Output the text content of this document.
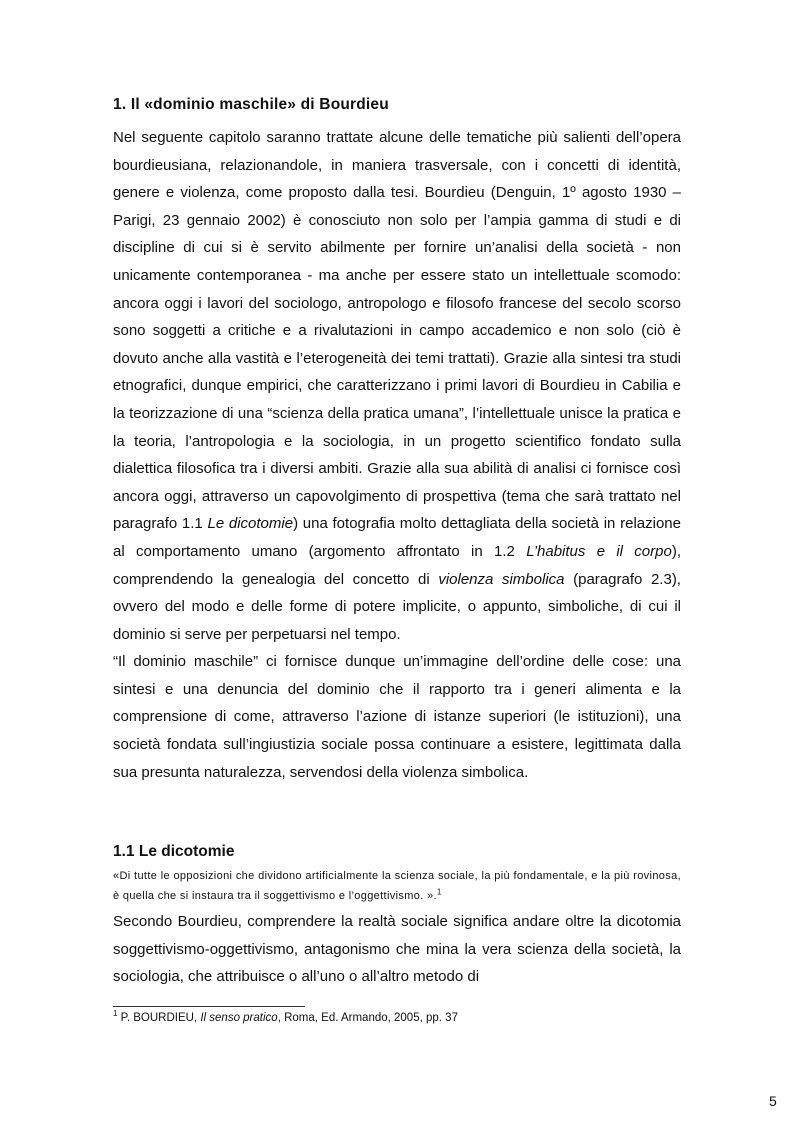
1. Il «dominio maschile» di Bourdieu

Nel seguente capitolo saranno trattate alcune delle tematiche più salienti dell’opera bourdieusiana, relazionandole, in maniera trasversale, con i concetti di identità, genere e violenza, come proposto dalla tesi. Bourdieu (Denguin, 1º agosto 1930 – Parigi, 23 gennaio 2002) è conosciuto non solo per l’ampia gamma di studi e di discipline di cui si è servito abilmente per fornire un’analisi della società - non unicamente contemporanea - ma anche per essere stato un intellettuale scomodo: ancora oggi i lavori del sociologo, antropologo e filosofo francese del secolo scorso sono soggetti a critiche e a rivalutazioni in campo accademico e non solo (ciò è dovuto anche alla vastità e l’eterogeneità dei temi trattati). Grazie alla sintesi tra studi etnografici, dunque empirici, che caratterizzano i primi lavori di Bourdieu in Cabilia e la teorizzazione di una “scienza della pratica umana”, l’intellettuale unisce la pratica e la teoria, l’antropologia e la sociologia, in un progetto scientifico fondato sulla dialettica filosofica tra i diversi ambiti. Grazie alla sua abilità di analisi ci fornisce così ancora oggi, attraverso un capovolgimento di prospettiva (tema che sarà trattato nel paragrafo 1.1 Le dicotomie) una fotografia molto dettagliata della società in relazione al comportamento umano (argomento affrontato in 1.2 L’habitus e il corpo), comprendendo la genealogia del concetto di violenza simbolica (paragrafo 2.3), ovvero del modo e delle forme di potere implicite, o appunto, simboliche, di cui il dominio si serve per perpetuarsi nel tempo.
“Il dominio maschile” ci fornisce dunque un’immagine dell’ordine delle cose: una sintesi e una denuncia del dominio che il rapporto tra i generi alimenta e la comprensione di come, attraverso l’azione di istanze superiori (le istituzioni), una società fondata sull’ingiustizia sociale possa continuare a esistere, legittimata dalla sua presunta naturalezza, servendosi della violenza simbolica.

1.1 Le dicotomie

«Di tutte le opposizioni che dividono artificialmente la scienza sociale, la più fondamentale, e la più rovinosa, è quella che si instaura tra il soggettivismo e l’oggettivismo. ».$^1$

Secondo Bourdieu, comprendere la realtà sociale significa andare oltre la dicotomia soggettivismo-oggettivismo, antagonismo che mina la vera scienza della società, la sociologia, che attribuisce o all’uno o all’altro metodo di

$^1$ P. BOURDIEU, Il senso pratico, Roma, Ed. Armando, 2005, pp. 37

5
